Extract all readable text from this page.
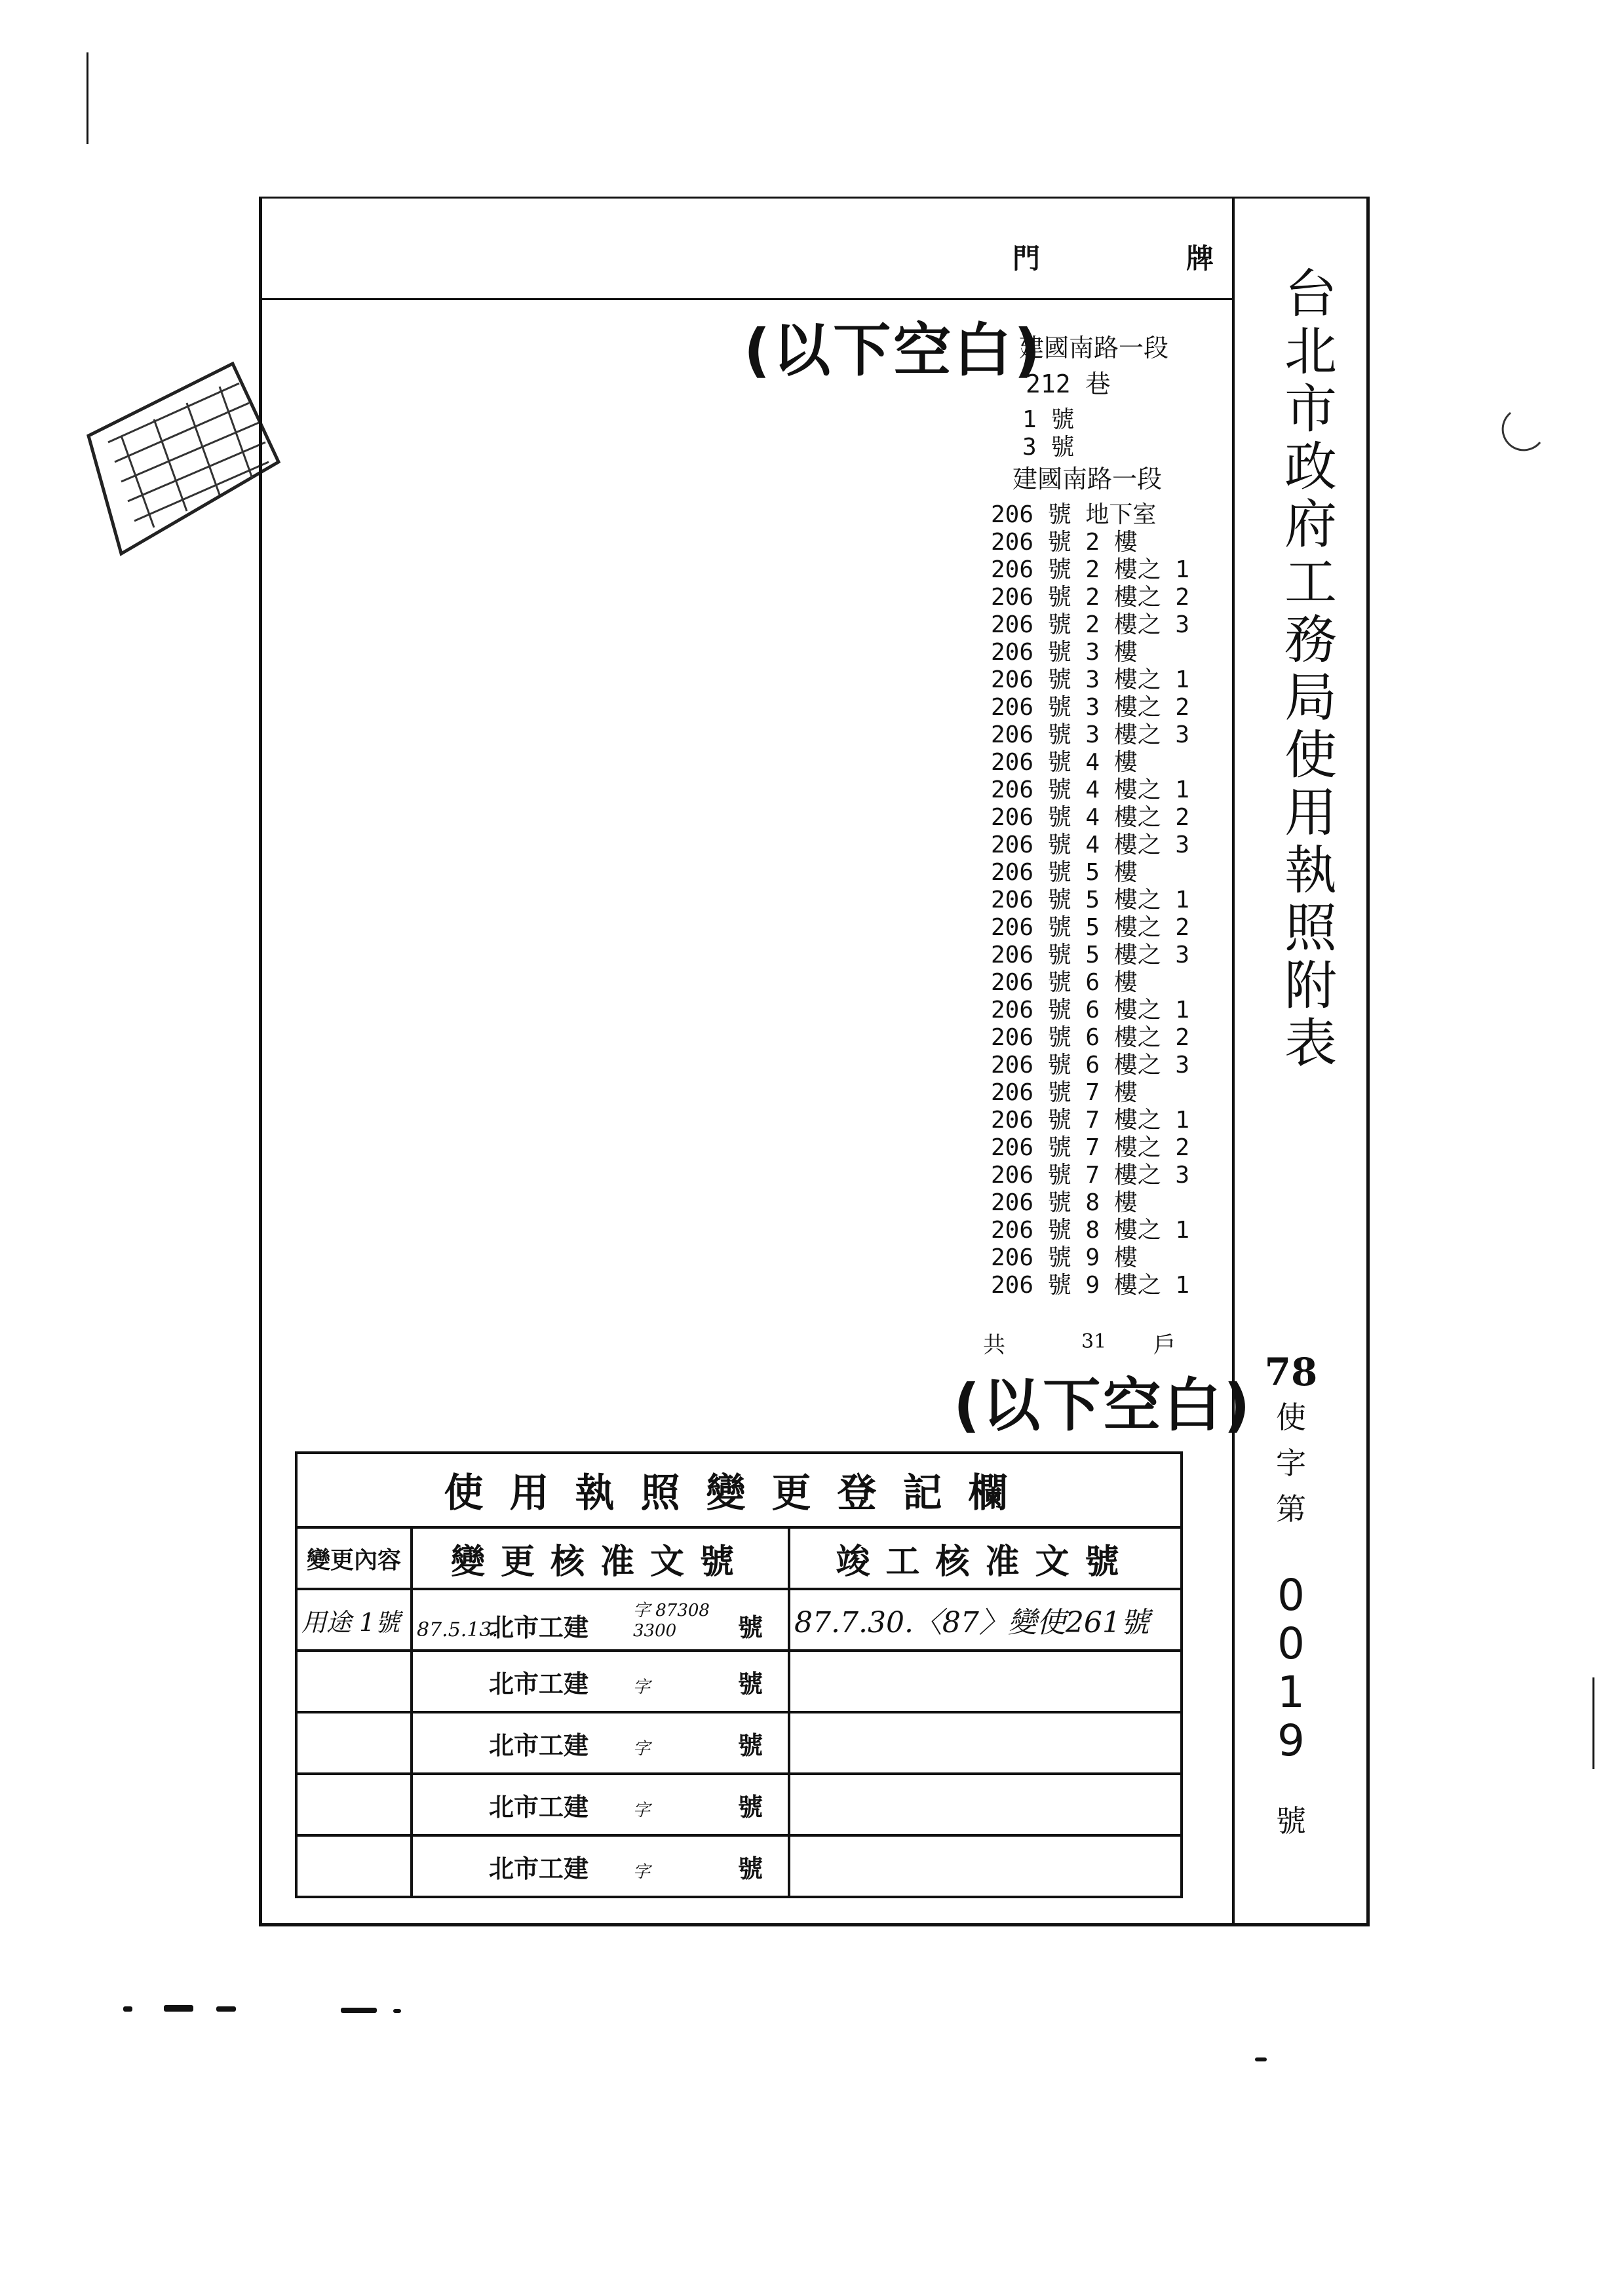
門	牌
(以下空白)
(以下空白)
台
北
市
政
府
工
務
局
使
用
執
照
附
表
建國南路一段
212 巷
1 號
3 號
建國南路一段
206 號 地下室
206 號 2 樓
206 號 2 樓之 1
206 號 2 樓之 2
206 號 2 樓之 3
206 號 3 樓
206 號 3 樓之 1
206 號 3 樓之 2
206 號 3 樓之 3
206 號 4 樓
206 號 4 樓之 1
206 號 4 樓之 2
206 號 4 樓之 3
206 號 5 樓
206 號 5 樓之 1
206 號 5 樓之 2
206 號 5 樓之 3
206 號 6 樓
206 號 6 樓之 1
206 號 6 樓之 2
206 號 6 樓之 3
206 號 7 樓
206 號 7 樓之 1
206 號 7 樓之 2
206 號 7 樓之 3
206 號 8 樓
206 號 8 樓之 1
206 號 9 樓
206 號 9 樓之 1
共	31 戶
78
使
字
第
0
0
1
9
號
使用執照變更登記欄		
變更內容	變更核准文號	竣工核准文號
用途 1號	87.5.13.北市工建字 87308 3300 號	87.7.30.〈87〉變使261號
	北市工建 字 號	
	北市工建 字 號	
	北市工建 字 號	
	北市工建 字 號	
